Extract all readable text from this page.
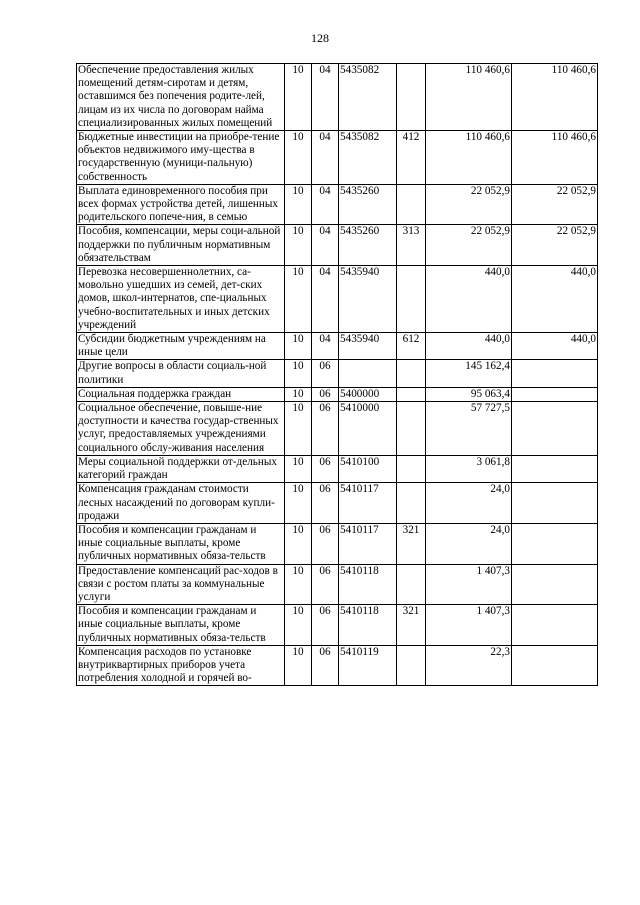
128
Обеспечение предоставления жилых помещений детям-сиротам и детям, оставшимся без попечения родите-лей, лицам из их числа по договорам найма специализированных жилых помещений	10	04	5435082		110 460,6	110 460,6
Бюджетные инвестиции на приобре-тение объектов недвижимого иму-щества в государственную (муници-пальную) собственность	10	04	5435082	412	110 460,6	110 460,6
Выплата единовременного пособия при всех формах устройства детей, лишенных родительского попече-ния, в семью	10	04	5435260		22 052,9	22 052,9
Пособия, компенсации, меры соци-альной поддержки по публичным нормативным обязательствам	10	04	5435260	313	22 052,9	22 052,9
Перевозка несовершеннолетних, са-мовольно ушедших из семей, дет-ских домов, школ-интернатов, спе-циальных учебно-воспитательных и иных детских учреждений	10	04	5435940		440,0	440,0
Субсидии бюджетным учреждениям на иные цели	10	04	5435940	612	440,0	440,0
Другие вопросы в области социаль-ной политики	10	06			145 162,4	
Социальная поддержка граждан	10	06	5400000		95 063,4	
Социальное обеспечение, повыше-ние доступности и качества государ-ственных услуг, предоставляемых учреждениями социального обслу-живания населения	10	06	5410000		57 727,5	
Меры социальной поддержки от-дельных категорий граждан	10	06	5410100		3 061,8	
Компенсация гражданам стоимости лесных насаждений по договорам купли-продажи	10	06	5410117		24,0	
Пособия и компенсации гражданам и иные социальные выплаты, кроме публичных нормативных обяза-тельств	10	06	5410117	321	24,0	
Предоставление компенсаций рас-ходов в связи с ростом платы за коммунальные услуги	10	06	5410118		1 407,3	
Пособия и компенсации гражданам и иные социальные выплаты, кроме публичных нормативных обяза-тельств	10	06	5410118	321	1 407,3	
Компенсация расходов по установке внутриквартирных приборов учета потребления холодной и горячей во-	10	06	5410119		22,3	
